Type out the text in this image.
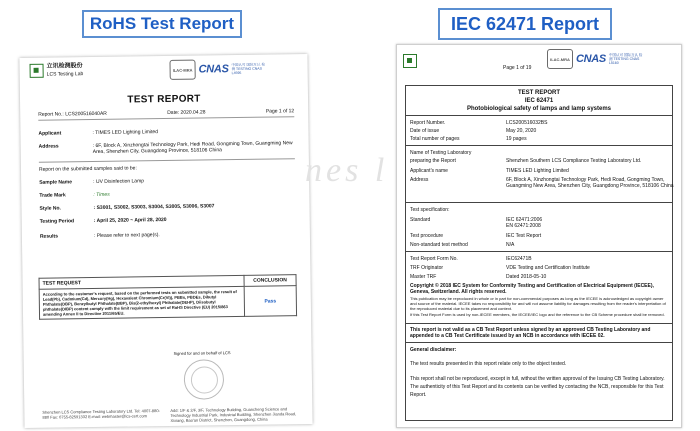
RoHS Test Report	IEC 62471 Report
立讯检测股份
LCS Testing Lab
ILAC-MRA CNAS 中国认可 国际互认 检测 TESTING CNAS L4595
TEST REPORT
Report No.: LCS200516040AR	Date: 2020.04.28	Page 1 of 12
Applicant	: TIMES LED Lighting Limited
Address	: 6F, Block A, Xinzhongtai Technology Park, Hedi Road, Gongming Town, Guangming New Area, Shenzhen City, Guangdong Province, 518106 China
Report on the submitted samples said to be:
Sample Name	: UV Disinfection Lamp
Trade Mark	: Times
Style No.	: S3001, S3002, S3003, S3004, S3005, S3006, S3007
Testing Period	: April 25, 2020 ~ April 28, 2020
Results	: Please refer to next page(s).
TEST REQUEST	CONCLUSION
According to the customer's request, based on the performed tests on submitted sample, the result of Lead(Pb), Cadmium(Cd), Mercury(Hg), Hexavalent Chromium(Cr(VI)), PBBs, PBDEs, Dibutyl Phthalate(DBP), Benzylbutyl Phthalate(BBP), Bis(2-ethylhexyl) Phthalate(DEHP), Diisobutyl phthalate(DIBP) content comply with the limit requirement as set of RoHS Directive (EU) 2015/863 amending Annex II to Directive 2011/65/EU.	Pass
Signed for and on behalf of LCS
Shenzhen LCS Compliance Testing Laboratory Ltd. Tel: 4007-880-880 Fax: 0755-82591332 E-mail: webmaster@lcs-cert.com
Add: 1/F & 2/F, 3/F, Technology Building, Guancheng Science and Technology Industrial Park, Industrial Building, Shenzhen Jianda Road, Xixiang, Bao'an District, Shenzhen, Guangdong, China
nes l
Page 1 of 19
ILAC-MRA CNAS 中国认可 国际互认 检测 TESTING CNAS L5160
TEST REPORT
IEC 62471
Photobiological safety of lamps and lamp systems
Report Number.	LCS200516032BS
Date of issue	May 20, 2020
Total number of pages	19 pages
Name of Testing Laboratory
preparing the Report	Shenzhen Southern LCS Compliance Testing Laboratory Ltd.
Applicant's name	TIMES LED Lighting Limited
Address	6F, Block A, Xinzhongtai Technology Park, Hedi Road, Gongming Town, Guangming New Area, Shenzhen City, Guangdong Province, 518106 China
Test specification:
Standard	IEC 62471:2006
EN 62471:2008
Test procedure	IEC Test Report
Non-standard test method	N/A
Test Report Form No.	IEC62471B
TRF Originator	VDE Testing and Certification Institute
Master TRF	Dated 2018-05-10
Copyright © 2018 IEC System for Conformity Testing and Certification of Electrical Equipment (IECEE), Geneva, Switzerland. All rights reserved.
This publication may be reproduced in whole or in part for non-commercial purposes as long as the IECEE is acknowledged as copyright owner and source of the material. IECEE takes no responsibility for and will not assume liability for damages resulting from the reader's interpretation of the reproduced material due to its placement and context.
If this Test Report Form is used by non-IECEE members, the IECEE/IEC logo and the reference to the CB Scheme procedure shall be removed.
This report is not valid as a CB Test Report unless signed by an approved CB Testing Laboratory and appended to a CB Test Certificate issued by an NCB in accordance with IECEE 02.
General disclaimer:
The test results presented in this report relate only to the object tested.
This report shall not be reproduced, except in full, without the written approval of the Issuing CB Testing Laboratory. The authenticity of this Test Report and its contents can be verified by contacting the NCB, responsible for this Test Report.
